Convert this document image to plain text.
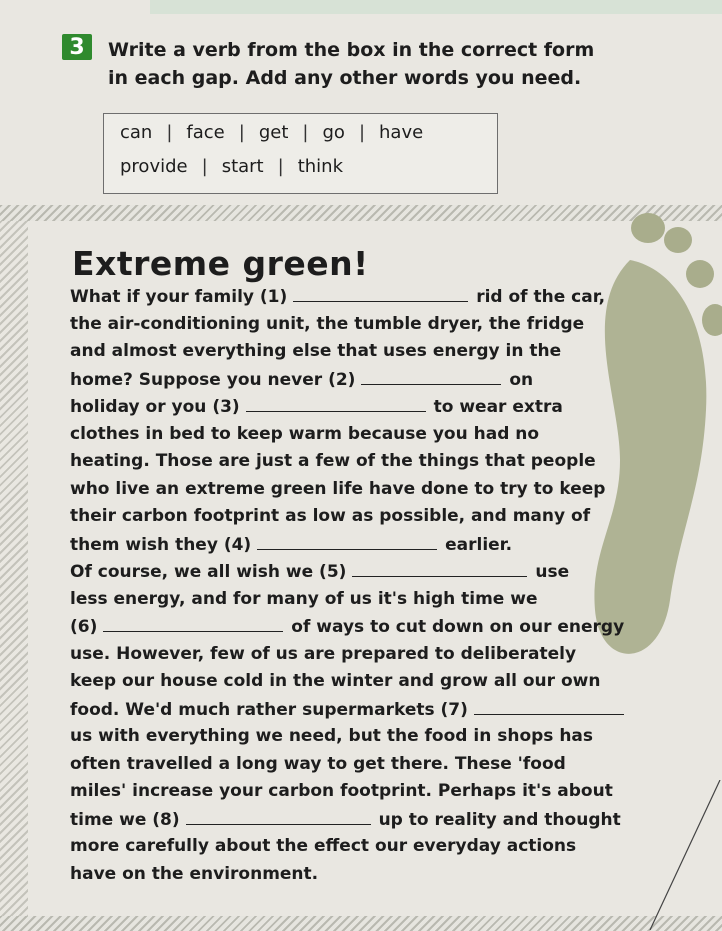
3	Write a verb from the box in the correct form
in each gap. Add any other words you need.
can | face | get | go | have
provide | start | think
Extreme green!
What if your family (1)	rid of the car,
the air-conditioning unit, the tumble dryer, the fridge
and almost everything else that uses energy in the
home? Suppose you never (2)	on
holiday or you (3)	to wear extra
clothes in bed to keep warm because you had no
heating. Those are just a few of the things that people
who live an extreme green life have done to try to keep
their carbon footprint as low as possible, and many of
them wish they (4)	earlier.
Of course, we all wish we (5)	use
less energy, and for many of us it's high time we
(6)	of ways to cut down on our energy
use. However, few of us are prepared to deliberately
keep our house cold in the winter and grow all our own
food. We'd much rather supermarkets (7)
us with everything we need, but the food in shops has
often travelled a long way to get there. These 'food
miles' increase your carbon footprint. Perhaps it's about
time we (8)	up to reality and thought
more carefully about the effect our everyday actions
have on the environment.
